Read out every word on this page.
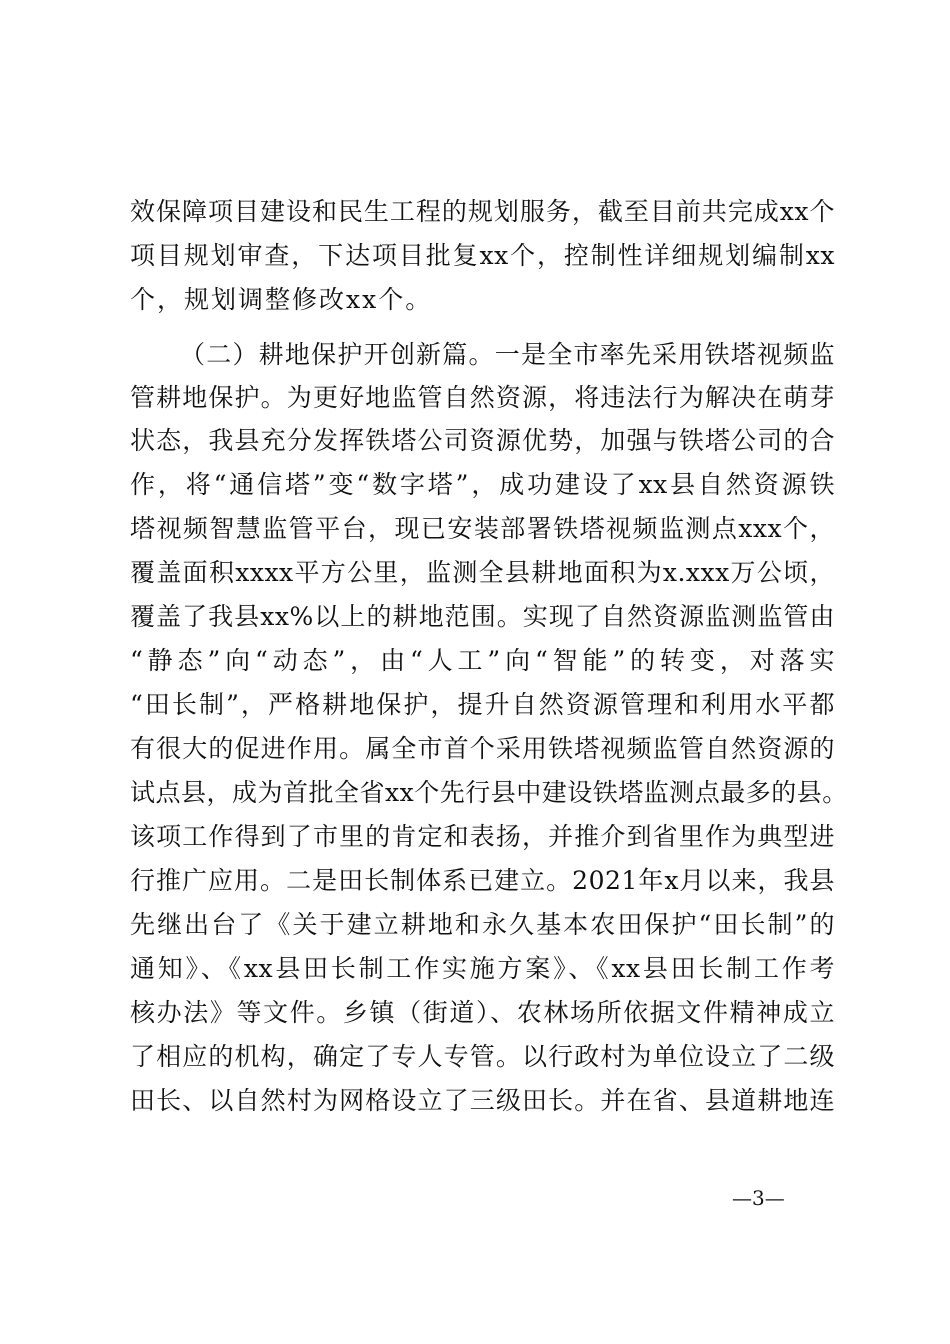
效保障项目建设和民生工程的规划服务，截至目前共完成xx个
项目规划审查，下达项目批复xx个，控制性详细规划编制xx
个，规划调整修改xx个。
（二）耕地保护开创新篇。一是全市率先采用铁塔视频监
管耕地保护。为更好地监管自然资源，将违法行为解决在萌芽
状态，我县充分发挥铁塔公司资源优势，加强与铁塔公司的合
作，将“通信塔”变“数字塔”，成功建设了xx县自然资源铁
塔视频智慧监管平台，现已安装部署铁塔视频监测点xxx个，
覆盖面积xxxx平方公里，监测全县耕地面积为x.xxx万公顷，
覆盖了我县xx%以上的耕地范围。实现了自然资源监测监管由
“静态”向“动态”，由“人工”向“智能”的转变，对落实
“田长制”，严格耕地保护，提升自然资源管理和利用水平都
有很大的促进作用。属全市首个采用铁塔视频监管自然资源的
试点县，成为首批全省xx个先行县中建设铁塔监测点最多的县。
该项工作得到了市里的肯定和表扬，并推介到省里作为典型进
行推广应用。二是田长制体系已建立。2021年x月以来，我县
先继出台了《关于建立耕地和永久基本农田保护“田长制”的
通知》、《xx县田长制工作实施方案》、《xx县田长制工作考
核办法》等文件。乡镇（街道）、农林场所依据文件精神成立
了相应的机构，确定了专人专管。以行政村为单位设立了二级
田长、以自然村为网格设立了三级田长。并在省、县道耕地连
—3—
